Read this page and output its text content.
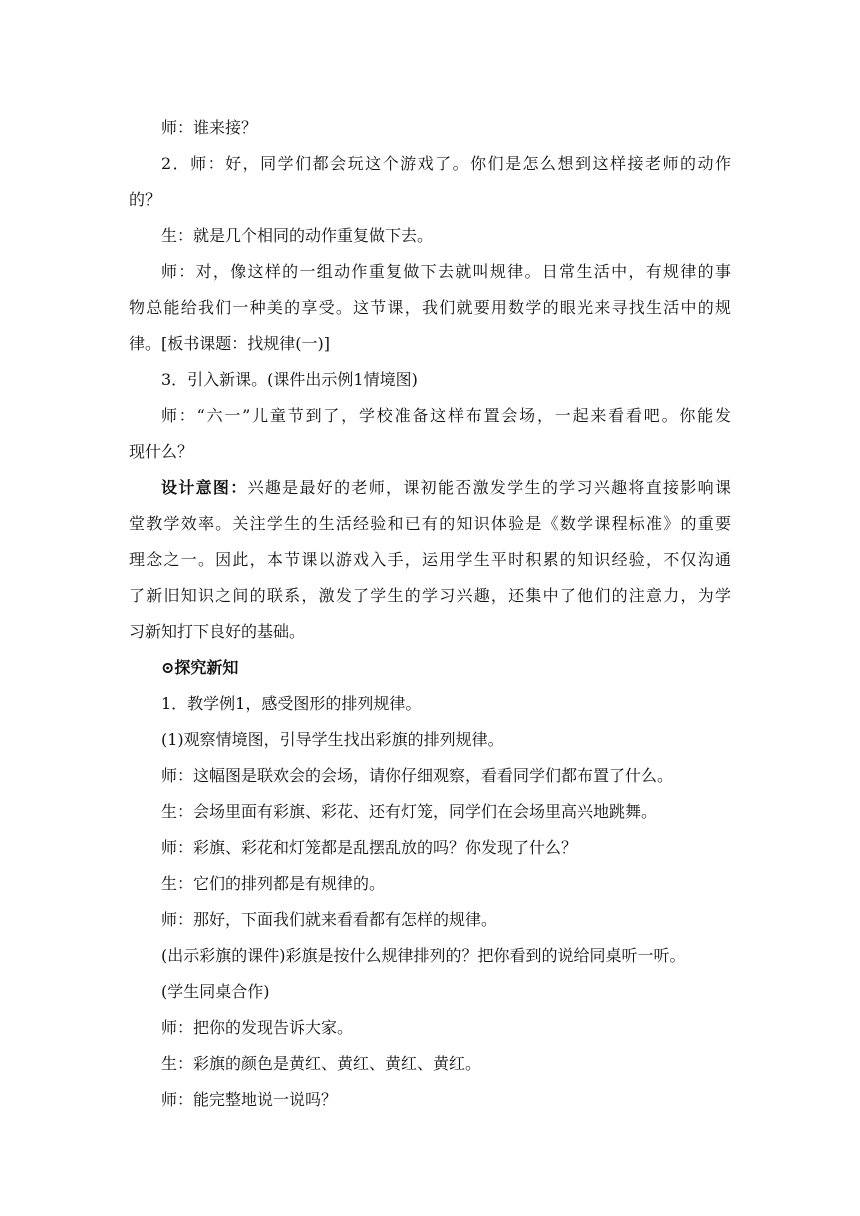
师：谁来接？
2．师：好，同学们都会玩这个游戏了。你们是怎么想到这样接老师的动作
的？
生：就是几个相同的动作重复做下去。
师：对，像这样的一组动作重复做下去就叫规律。日常生活中，有规律的事
物总能给我们一种美的享受。这节课，我们就要用数学的眼光来寻找生活中的规
律。[板书课题：找规律(一)]
3．引入新课。(课件出示例1情境图)
师：“六一”儿童节到了，学校准备这样布置会场，一起来看看吧。你能发
现什么？
设计意图：兴趣是最好的老师，课初能否激发学生的学习兴趣将直接影响课
堂教学效率。关注学生的生活经验和已有的知识体验是《数学课程标准》的重要
理念之一。因此，本节课以游戏入手，运用学生平时积累的知识经验，不仅沟通
了新旧知识之间的联系，激发了学生的学习兴趣，还集中了他们的注意力，为学
习新知打下良好的基础。
⊙探究新知
1．教学例1，感受图形的排列规律。
(1)观察情境图，引导学生找出彩旗的排列规律。
师：这幅图是联欢会的会场，请你仔细观察，看看同学们都布置了什么。
生：会场里面有彩旗、彩花、还有灯笼，同学们在会场里高兴地跳舞。
师：彩旗、彩花和灯笼都是乱摆乱放的吗？你发现了什么？
生：它们的排列都是有规律的。
师：那好，下面我们就来看看都有怎样的规律。
(出示彩旗的课件)彩旗是按什么规律排列的？把你看到的说给同桌听一听。
(学生同桌合作)
师：把你的发现告诉大家。
生：彩旗的颜色是黄红、黄红、黄红、黄红。
师：能完整地说一说吗？
